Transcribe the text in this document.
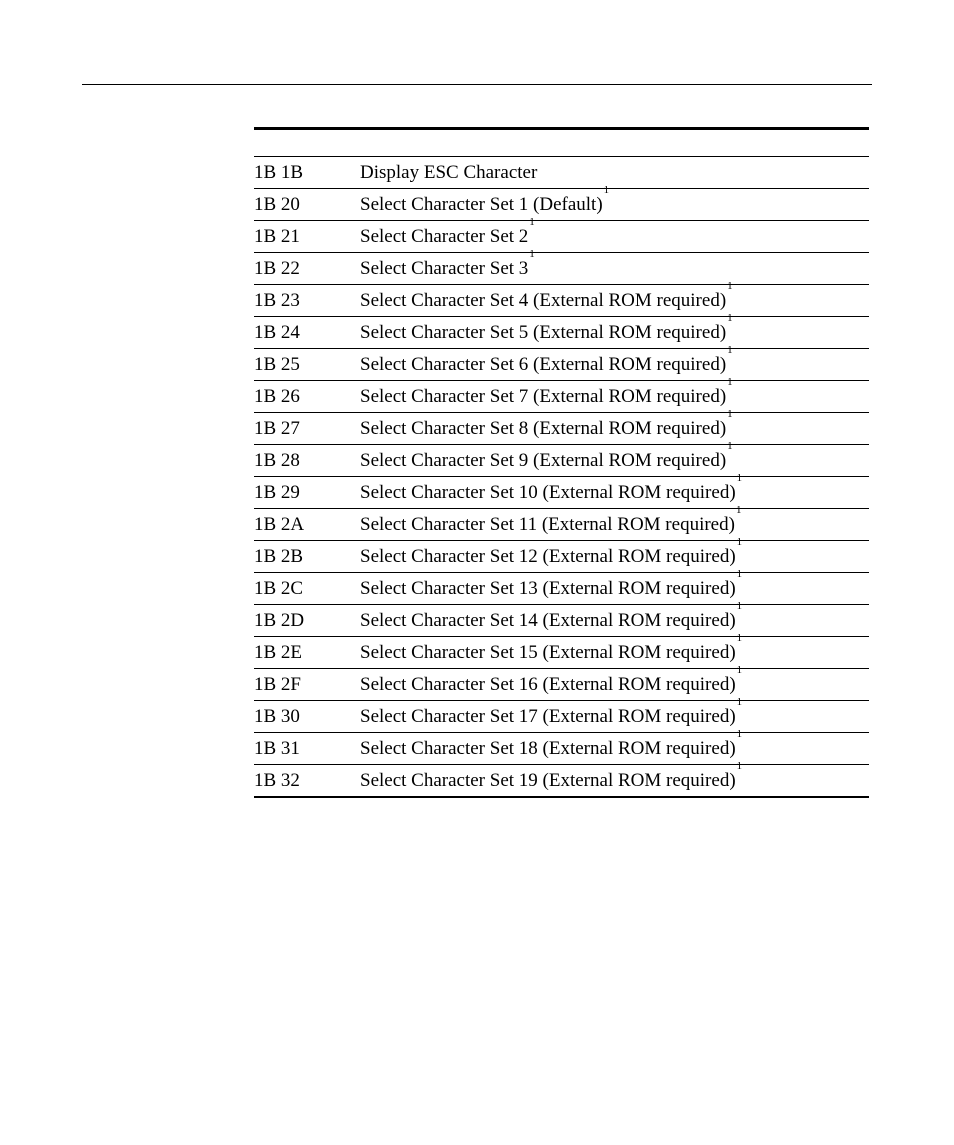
1B 1B	Display ESC Character
1B 20	Select Character Set 1 (Default)$^1$
1B 21	Select Character Set 2$^1$
1B 22	Select Character Set 3$^1$
1B 23	Select Character Set 4 (External ROM required)$^1$
1B 24	Select Character Set 5 (External ROM required)$^1$
1B 25	Select Character Set 6 (External ROM required)$^1$
1B 26	Select Character Set 7 (External ROM required)$^1$
1B 27	Select Character Set 8 (External ROM required)$^1$
1B 28	Select Character Set 9 (External ROM required)$^1$
1B 29	Select Character Set 10 (External ROM required)$^1$
1B 2A	Select Character Set 11 (External ROM required)$^1$
1B 2B	Select Character Set 12 (External ROM required)$^1$
1B 2C	Select Character Set 13 (External ROM required)$^1$
1B 2D	Select Character Set 14 (External ROM required)$^1$
1B 2E	Select Character Set 15 (External ROM required)$^1$
1B 2F	Select Character Set 16 (External ROM required)$^1$
1B 30	Select Character Set 17 (External ROM required)$^1$
1B 31	Select Character Set 18 (External ROM required)$^1$
1B 32	Select Character Set 19 (External ROM required)$^1$
